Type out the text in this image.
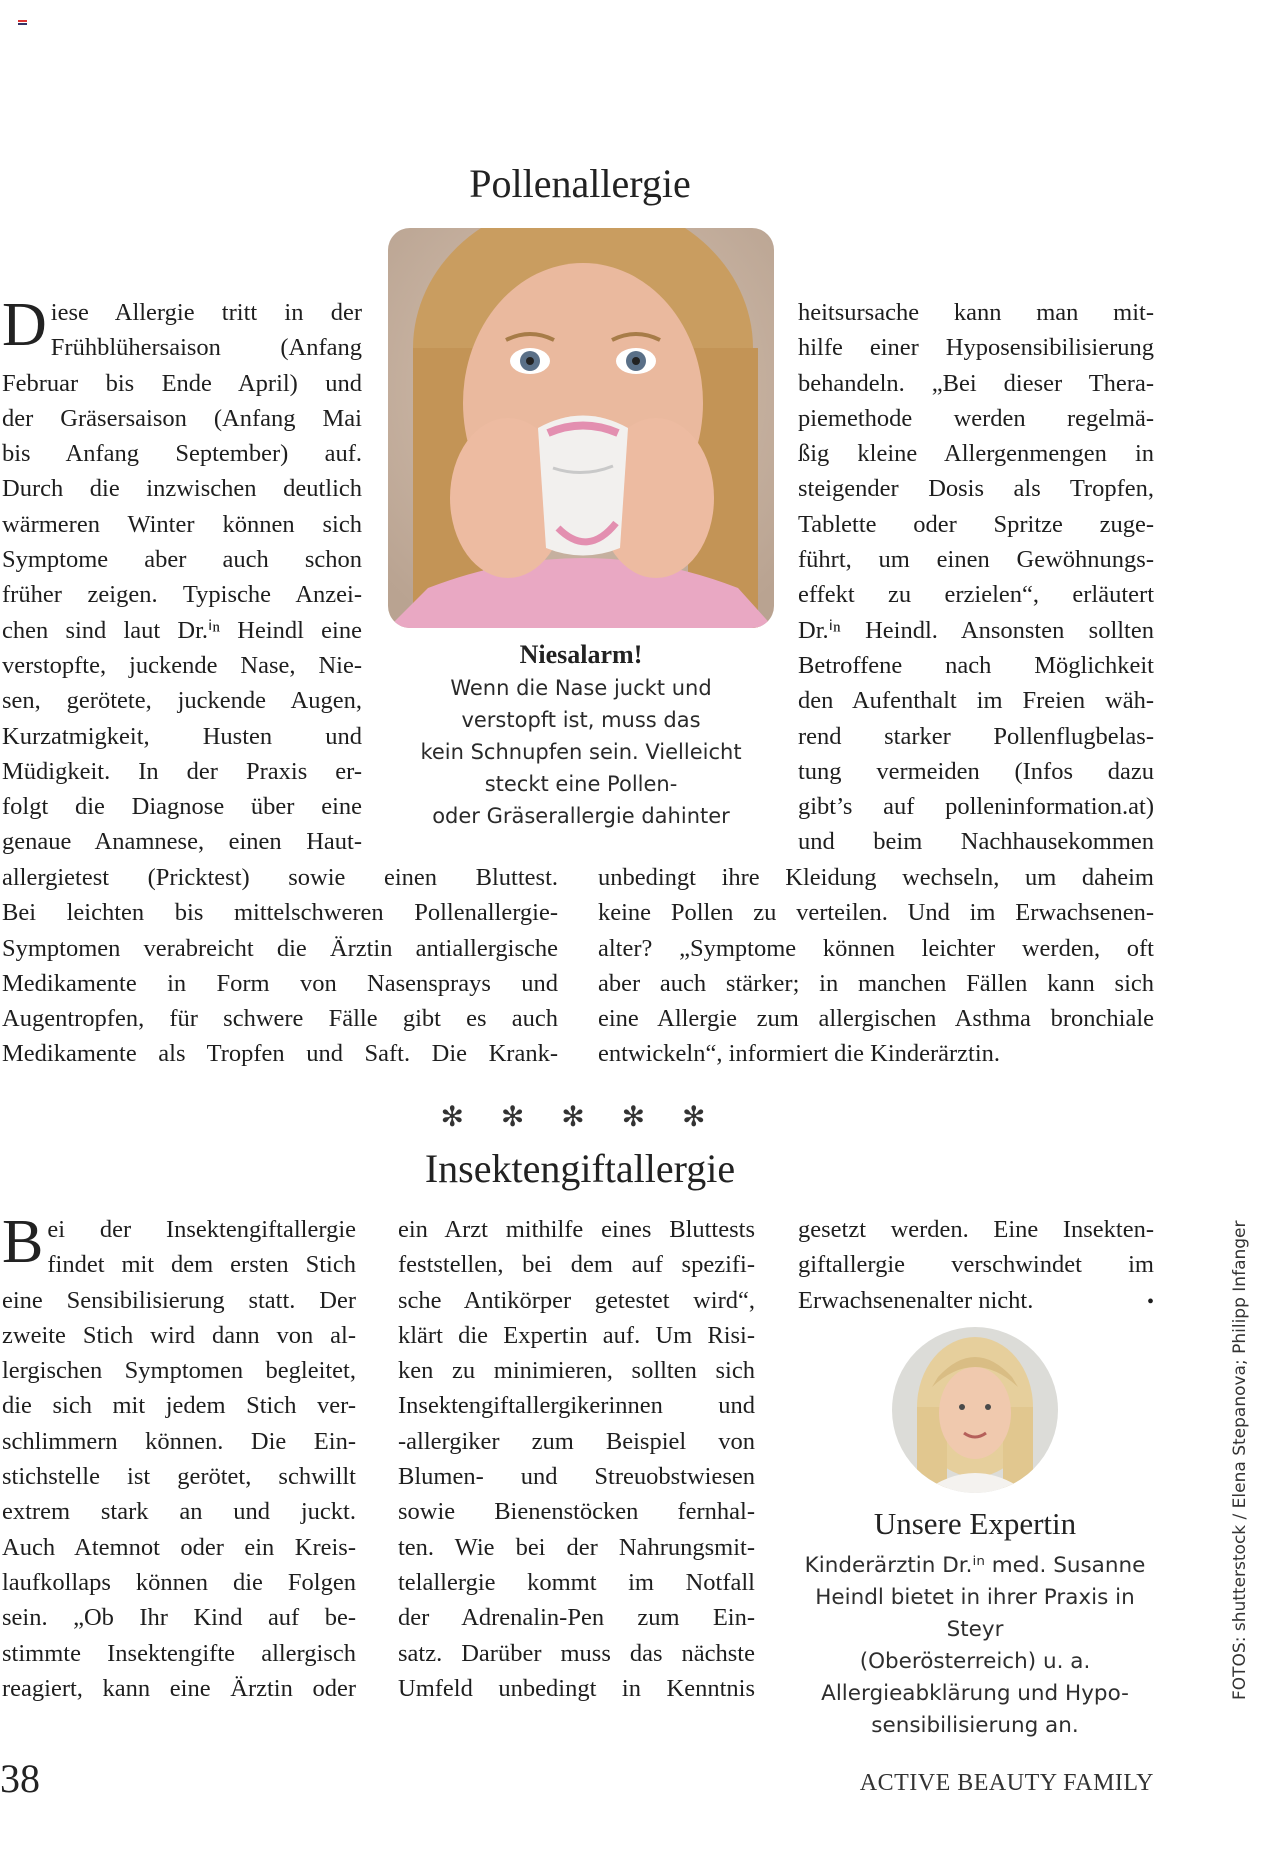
Pollenallergie
Niesalarm!
Wenn die Nase juckt und
verstopft ist, muss das
kein Schnupfen sein. Vielleicht
steckt eine Pollen-
oder Gräserallergie dahinter
D iese Allergie tritt in der
Frühblühersaison (Anfang
Februar bis Ende April) und
der Gräsersaison (Anfang Mai
bis Anfang September) auf.
Durch die inzwischen deutlich
wärmeren Winter können sich
Symptome aber auch schon
früher zeigen. Typische Anzei-
chen sind laut Dr.ⁱⁿ Heindl eine
verstopfte, juckende Nase, Nie-
sen, gerötete, juckende Augen,
Kurzatmigkeit, Husten und
Müdigkeit. In der Praxis er-
folgt die Diagnose über eine
genaue Anamnese, einen Haut-
allergietest (Pricktest) sowie einen Bluttest.
Bei leichten bis mittelschweren Pollenallergie-
Symptomen verabreicht die Ärztin antiallergische
Medikamente in Form von Nasensprays und
Augentropfen, für schwere Fälle gibt es auch
Medikamente als Tropfen und Saft. Die Krank-
heitsursache kann man mit-
hilfe einer Hyposensibilisierung
behandeln. „Bei dieser Thera-
piemethode werden regelmä-
ßig kleine Allergenmengen in
steigender Dosis als Tropfen,
Tablette oder Spritze zuge-
führt, um einen Gewöhnungs-
effekt zu erzielen“, erläutert
Dr.ⁱⁿ Heindl. Ansonsten sollten
Betroffene nach Möglichkeit
den Aufenthalt im Freien wäh-
rend starker Pollenflugbelas-
tung vermeiden (Infos dazu
gibt’s auf polleninformation.at)
und beim Nachhausekommen
unbedingt ihre Kleidung wechseln, um daheim
keine Pollen zu verteilen. Und im Erwachsenen-
alter? „Symptome können leichter werden, oft
aber auch stärker; in manchen Fällen kann sich
eine Allergie zum allergischen Asthma bronchiale
entwickeln“, informiert die Kinderärztin.
✻ ✻ ✻ ✻ ✻
Insektengiftallergie
B ei der Insektengiftallergie
findet mit dem ersten Stich
eine Sensibilisierung statt. Der
zweite Stich wird dann von al-
lergischen Symptomen begleitet,
die sich mit jedem Stich ver-
schlimmern können. Die Ein-
stichstelle ist gerötet, schwillt
extrem stark an und juckt.
Auch Atemnot oder ein Kreis-
laufkollaps können die Folgen
sein. „Ob Ihr Kind auf be-
stimmte Insektengifte allergisch
reagiert, kann eine Ärztin oder
ein Arzt mithilfe eines Bluttests
feststellen, bei dem auf spezifi-
sche Antikörper getestet wird“,
klärt die Expertin auf. Um Risi-
ken zu minimieren, sollten sich
Insektengiftallergikerinnen und
-allergiker zum Beispiel von
Blumen- und Streuobstwiesen
sowie Bienenstöcken fernhal-
ten. Wie bei der Nahrungsmit-
telallergie kommt im Notfall
der Adrenalin-Pen zum Ein-
satz. Darüber muss das nächste
Umfeld unbedingt in Kenntnis
gesetzt werden. Eine Insekten-
giftallergie verschwindet im
Erwachsenenalter nicht.	•
Unsere Expertin
Kinderärztin Dr.ⁱⁿ med. Susanne
Heindl bietet in ihrer Praxis in Steyr
(Oberösterreich) u. a.
Allergieabklärung und Hypo-
sensibilisierung an.
FOTOS: shutterstock / Elena Stepanova; Philipp Infanger
38	ACTIVE BEAUTY FAMILY
